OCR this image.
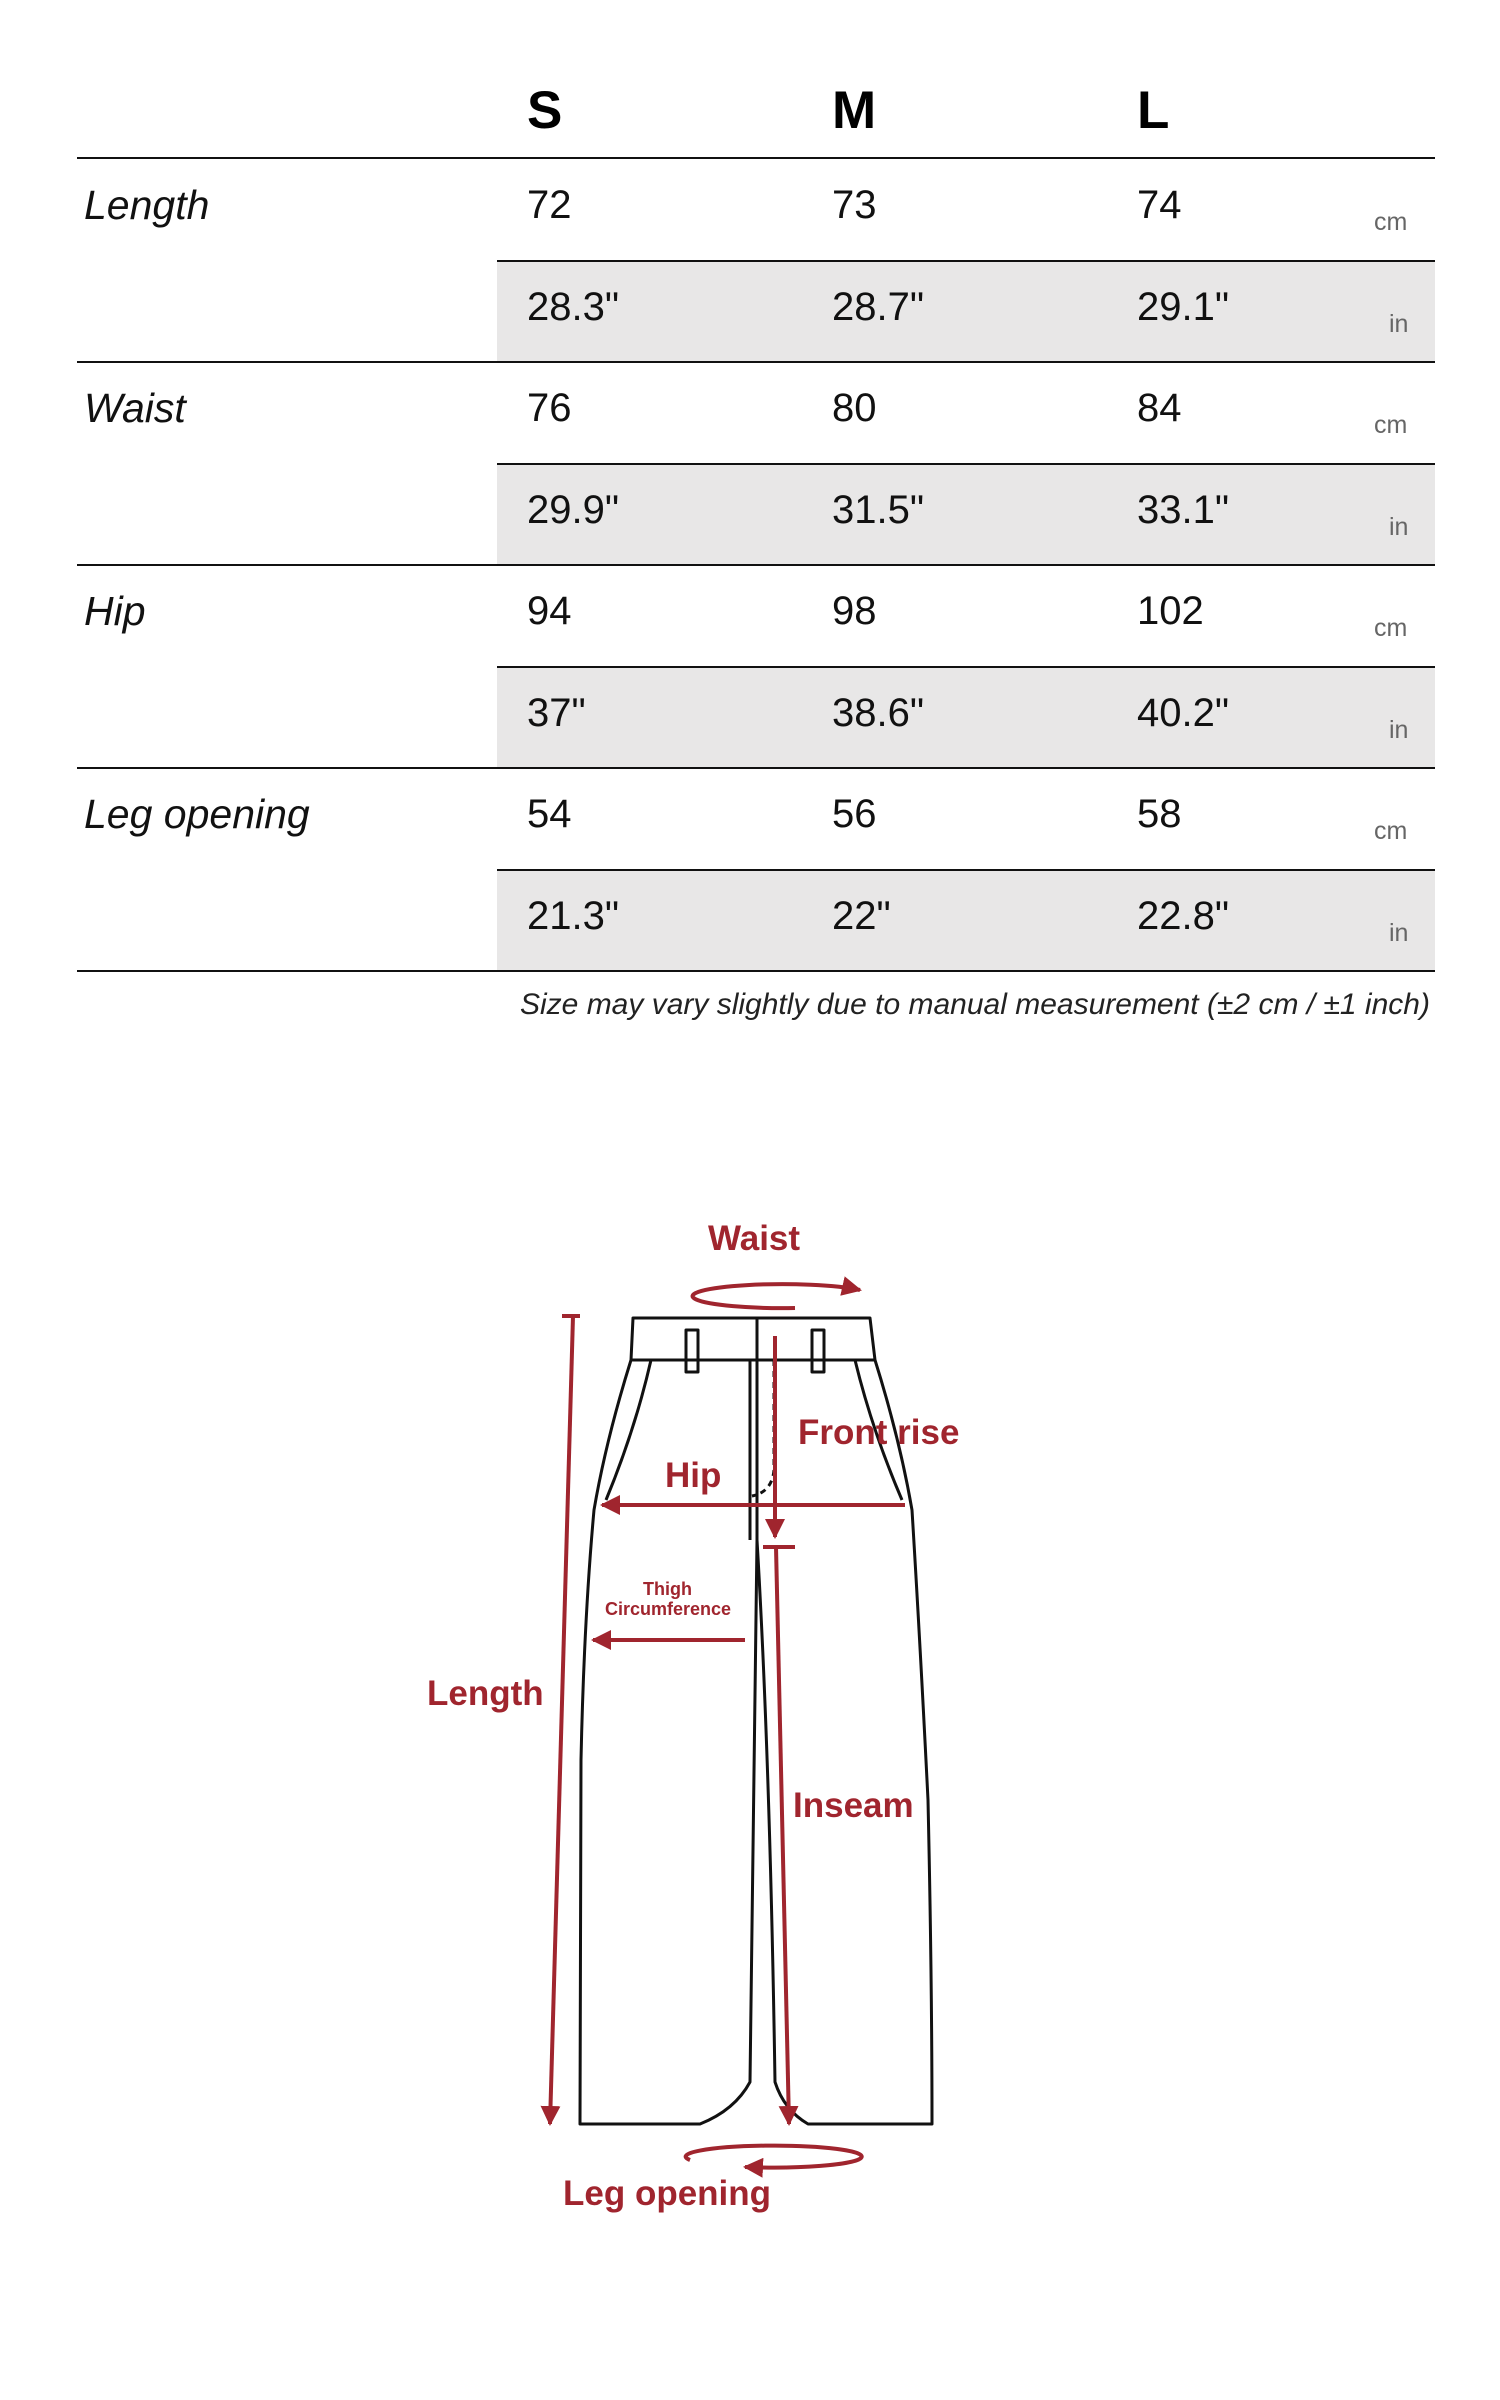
S	M	L
Length	72	73	74	cm
28.3"	28.7"	29.1"	in
Waist	76	80	84	cm
29.9"	31.5"	33.1"	in
Hip	94	98	102	cm
37"	38.6"	40.2"	in
Leg opening	54	56	58	cm
21.3"	22"	22.8"	in
Size may vary slightly due to manual measurement (±2 cm / ±1 inch)
Waist
Front rise
Hip
Thigh
Circumference
Length
Inseam
Leg opening
